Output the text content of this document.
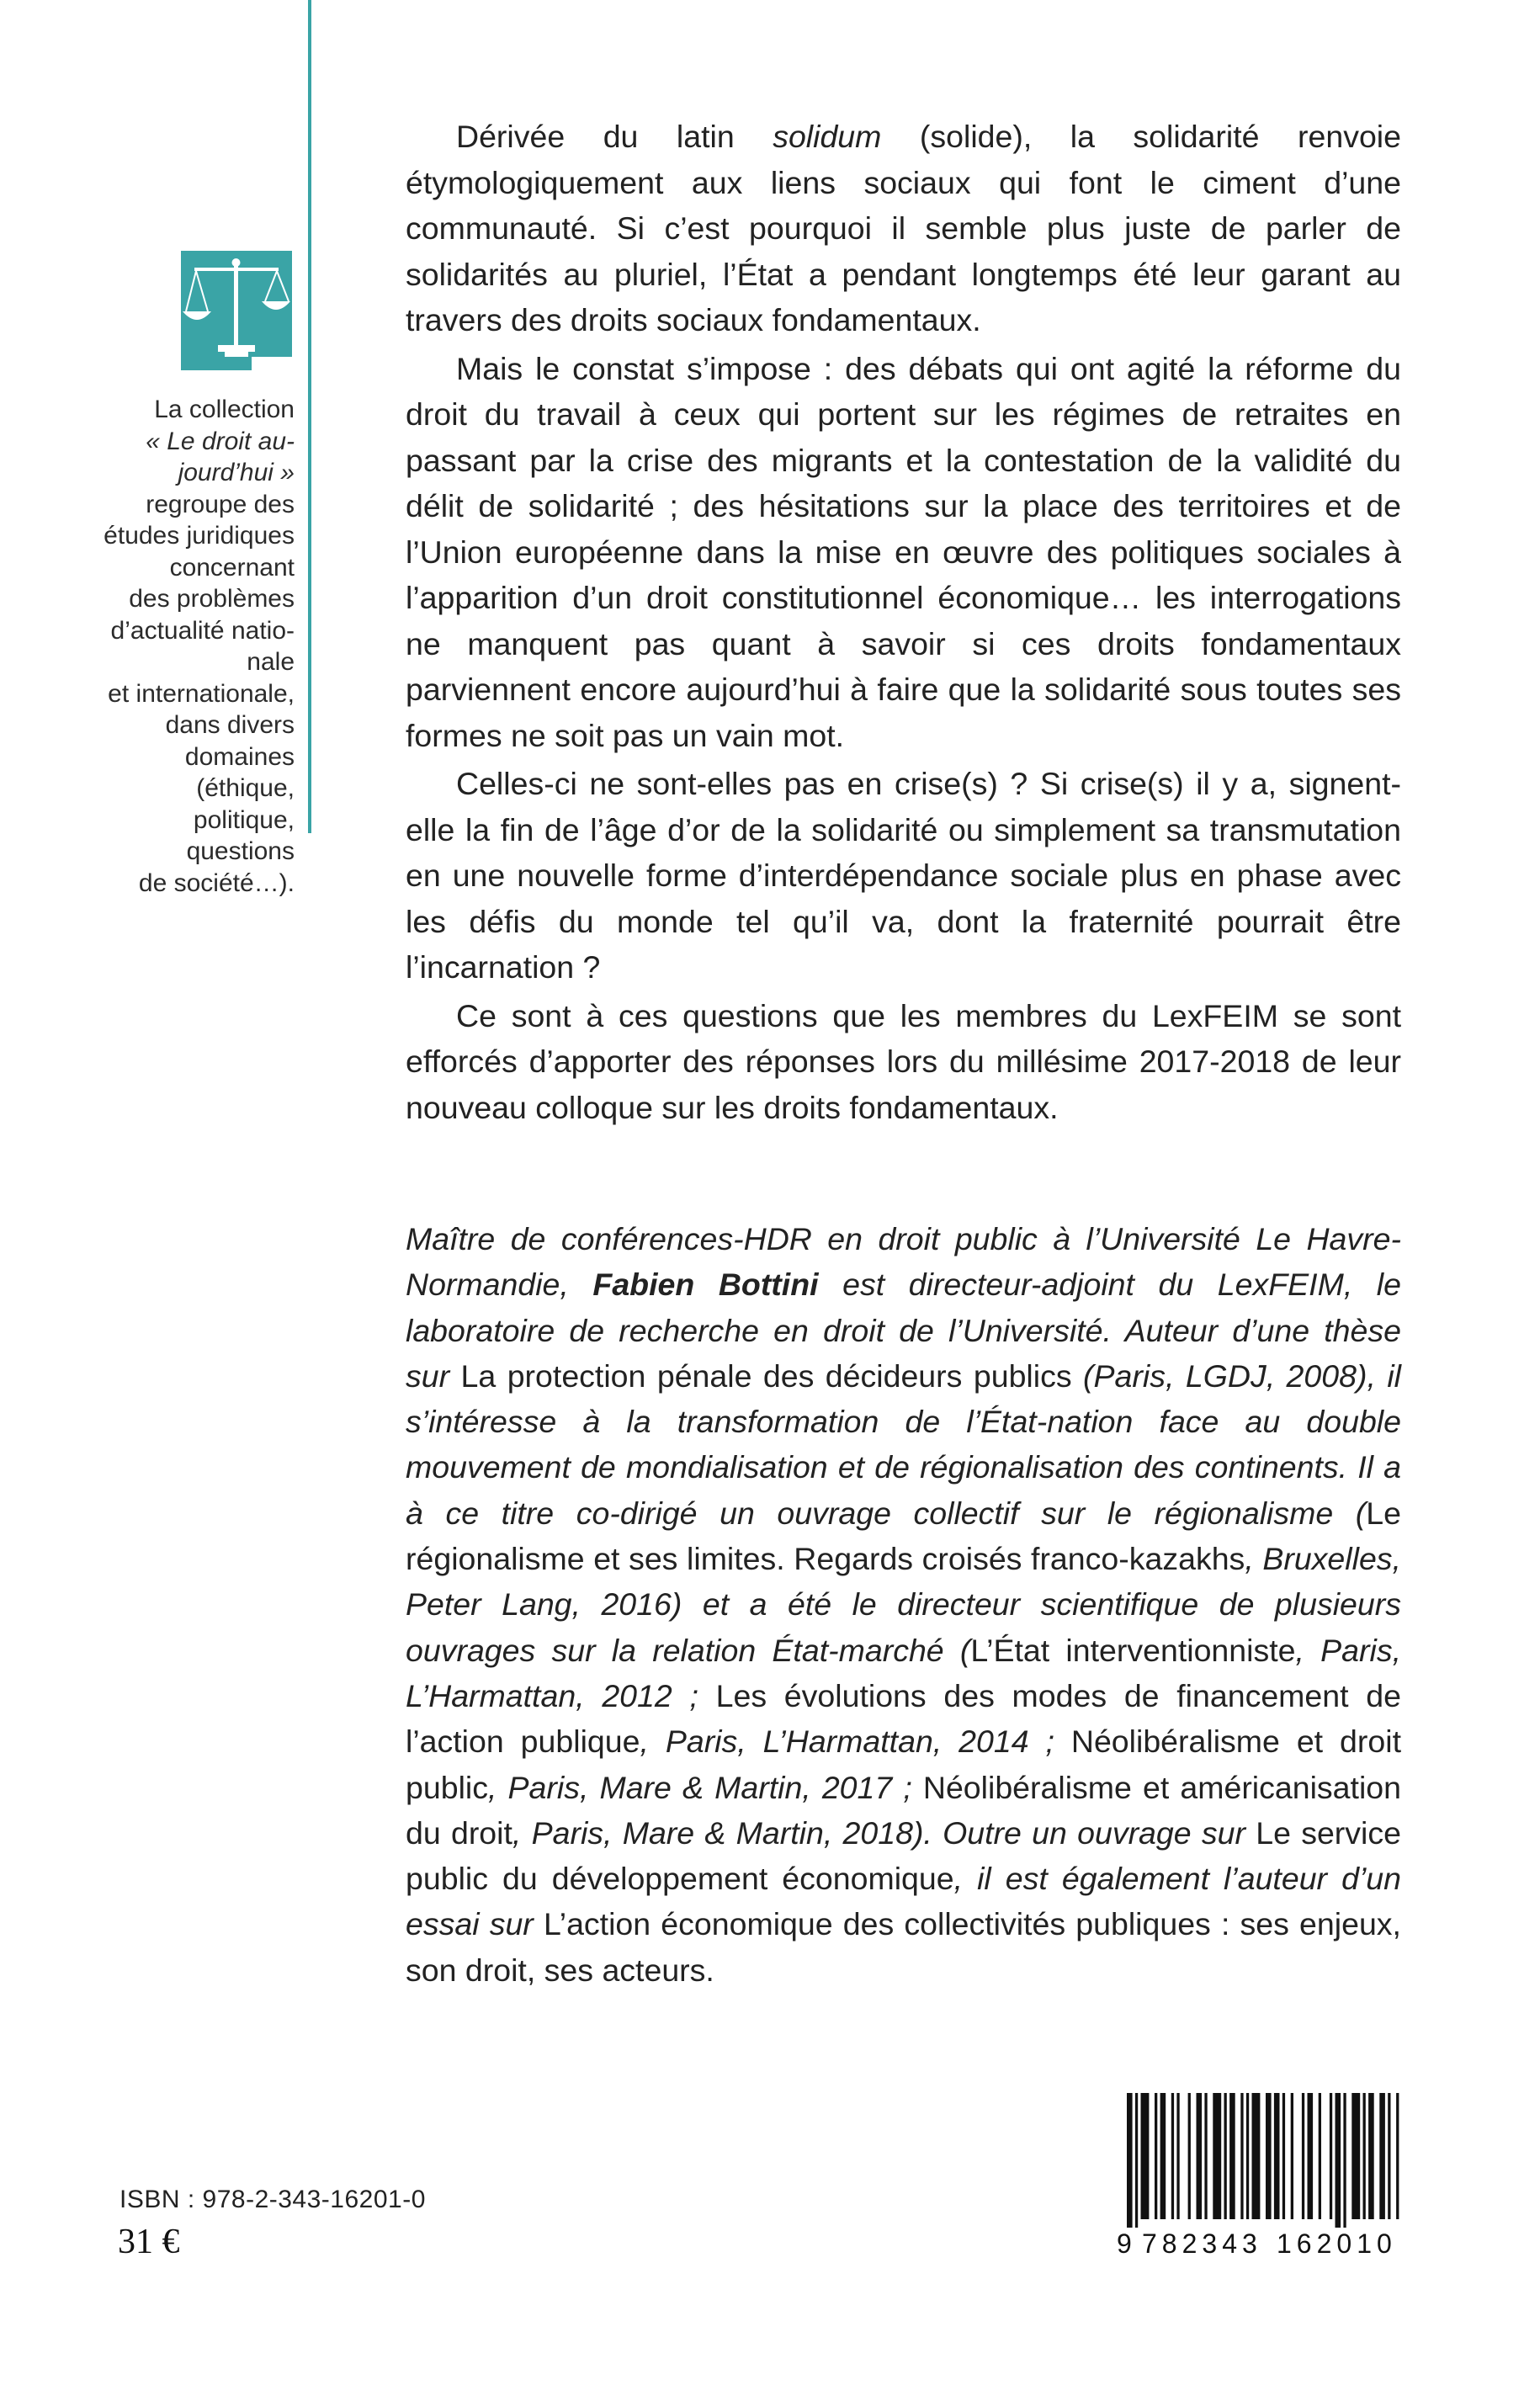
La collection
« Le droit au-
jourd’hui »
regroupe des
études juridiques
concernant
des problèmes
d’actualité natio-
nale
et internationale,
dans divers
domaines (éthique,
politique, questions
de société…).

Dérivée du latin solidum (solide), la solidarité renvoie étymologiquement aux liens sociaux qui font le ciment d’une communauté. Si c’est pourquoi il semble plus juste de parler de solidarités au pluriel, l’État a pendant longtemps été leur garant au travers des droits sociaux fondamentaux.

Mais le constat s’impose : des débats qui ont agité la réforme du droit du travail à ceux qui portent sur les régimes de retraites en passant par la crise des migrants et la contestation de la validité du délit de solidarité ; des hésitations sur la place des territoires et de l’Union européenne dans la mise en œuvre des politiques sociales à l’apparition d’un droit constitutionnel économique… les interrogations ne manquent pas quant à savoir si ces droits fondamentaux parviennent encore aujourd’hui à faire que la solidarité sous toutes ses formes ne soit pas un vain mot.

Celles-ci ne sont-elles pas en crise(s) ? Si crise(s) il y a, signent-elle la fin de l’âge d’or de la solidarité ou simplement sa transmutation en une nouvelle forme d’interdépendance sociale plus en phase avec les défis du monde tel qu’il va, dont la fraternité pourrait être l’incarnation ?

Ce sont à ces questions que les membres du LexFEIM se sont efforcés d’apporter des réponses lors du millésime 2017-2018 de leur nouveau colloque sur les droits fondamentaux.

Maître de conférences-HDR en droit public à l’Université Le Havre-Normandie, Fabien Bottini est directeur-adjoint du LexFEIM, le laboratoire de recherche en droit de l’Université. Auteur d’une thèse sur La protection pénale des décideurs publics (Paris, LGDJ, 2008), il s’intéresse à la transformation de l’État-nation face au double mouvement de mondialisation et de régionalisation des continents. Il a à ce titre co-dirigé un ouvrage collectif sur le régionalisme (Le régionalisme et ses limites. Regards croisés franco-kazakhs, Bruxelles, Peter Lang, 2016) et a été le directeur scientifique de plusieurs ouvrages sur la relation État-marché (L’État interventionniste, Paris, L’Harmattan, 2012 ; Les évolutions des modes de financement de l’action publique, Paris, L’Harmattan, 2014 ; Néolibéralisme et droit public, Paris, Mare & Martin, 2017 ; Néolibéralisme et américanisation du droit, Paris, Mare & Martin, 2018). Outre un ouvrage sur Le service public du développement économique, il est également l’auteur d’un essai sur L’action économique des collectivités publiques : ses enjeux, son droit, ses acteurs.

ISBN : 978-2-343-16201-0
31 €	9 782343 162010
